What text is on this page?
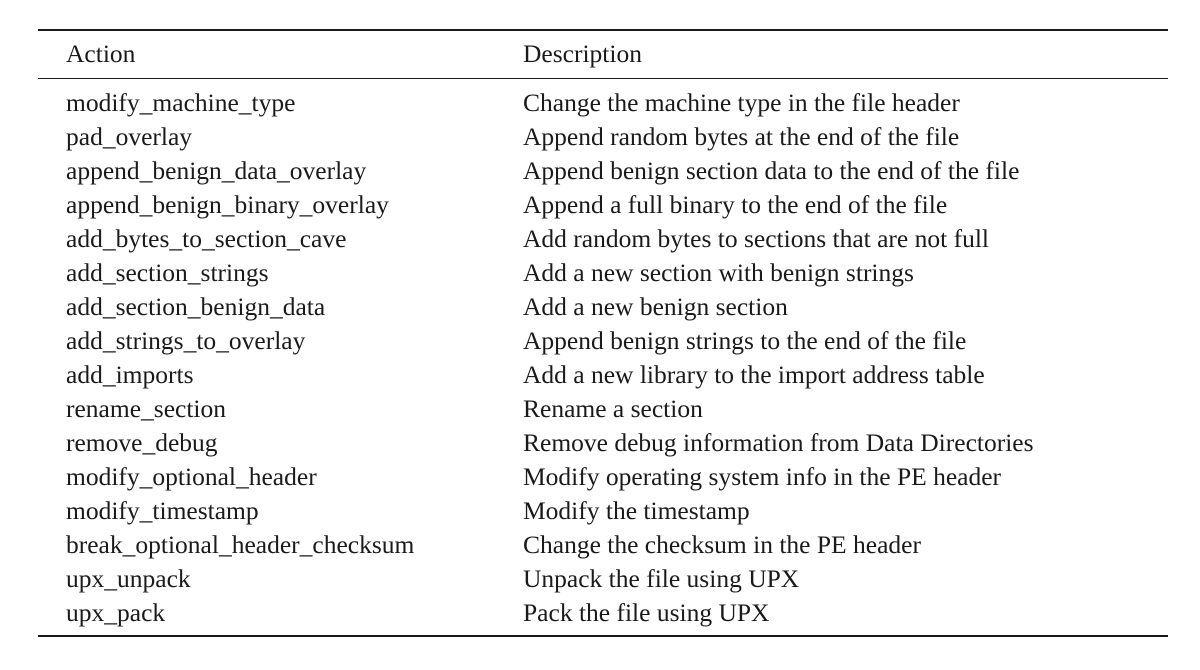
Action	Description
modify_machine_type	Change the machine type in the file header
pad_overlay	Append random bytes at the end of the file
append_benign_data_overlay	Append benign section data to the end of the file
append_benign_binary_overlay	Append a full binary to the end of the file
add_bytes_to_section_cave	Add random bytes to sections that are not full
add_section_strings	Add a new section with benign strings
add_section_benign_data	Add a new benign section
add_strings_to_overlay	Append benign strings to the end of the file
add_imports	Add a new library to the import address table
rename_section	Rename a section
remove_debug	Remove debug information from Data Directories
modify_optional_header	Modify operating system info in the PE header
modify_timestamp	Modify the timestamp
break_optional_header_checksum	Change the checksum in the PE header
upx_unpack	Unpack the file using UPX
upx_pack	Pack the file using UPX
